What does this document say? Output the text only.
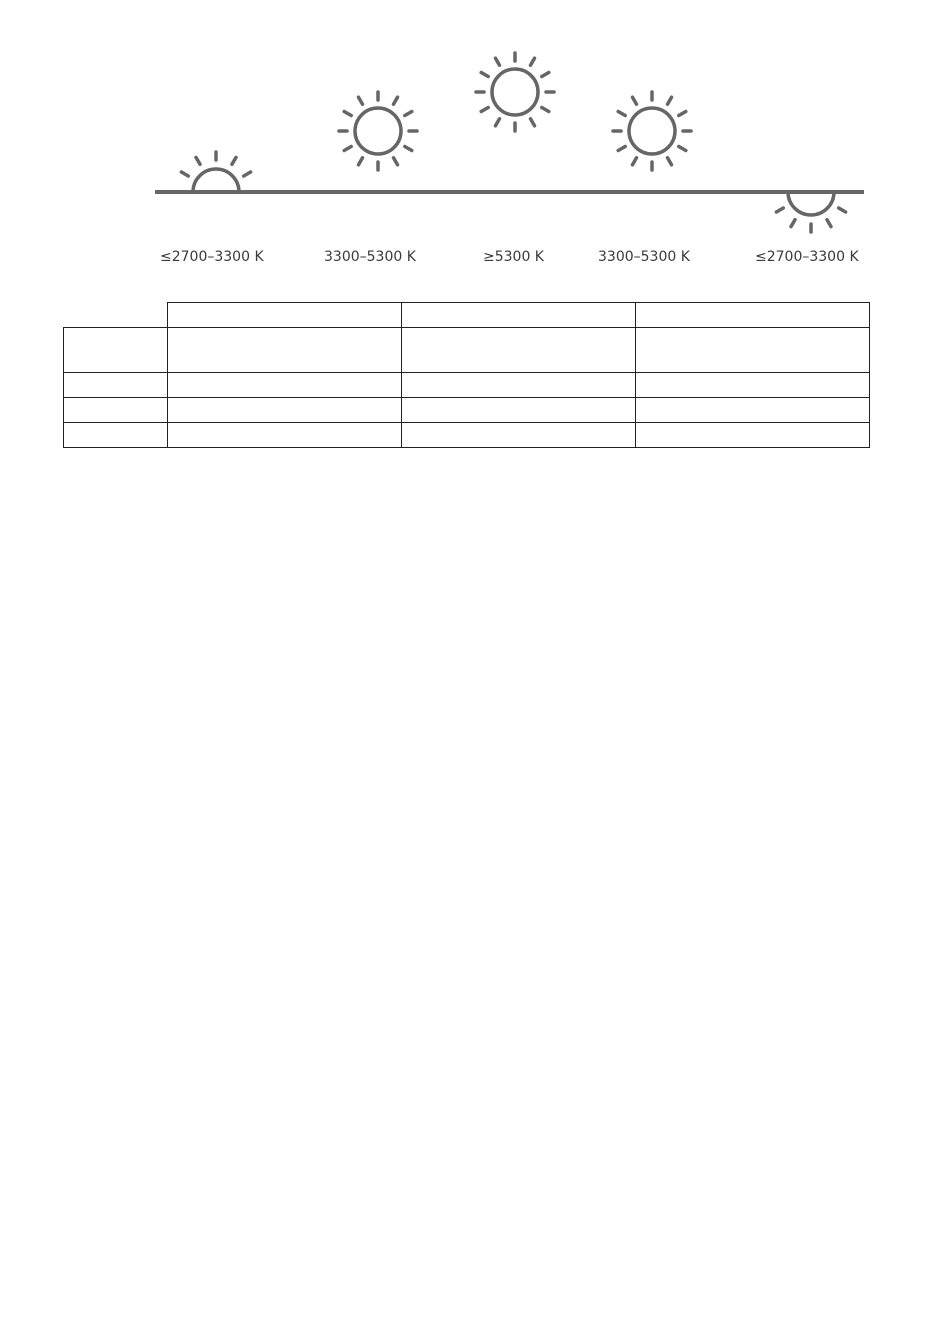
≤2700–3300 K	3300–5300 K	≥5300 K	3300–5300 K	≤2700–3300 K
